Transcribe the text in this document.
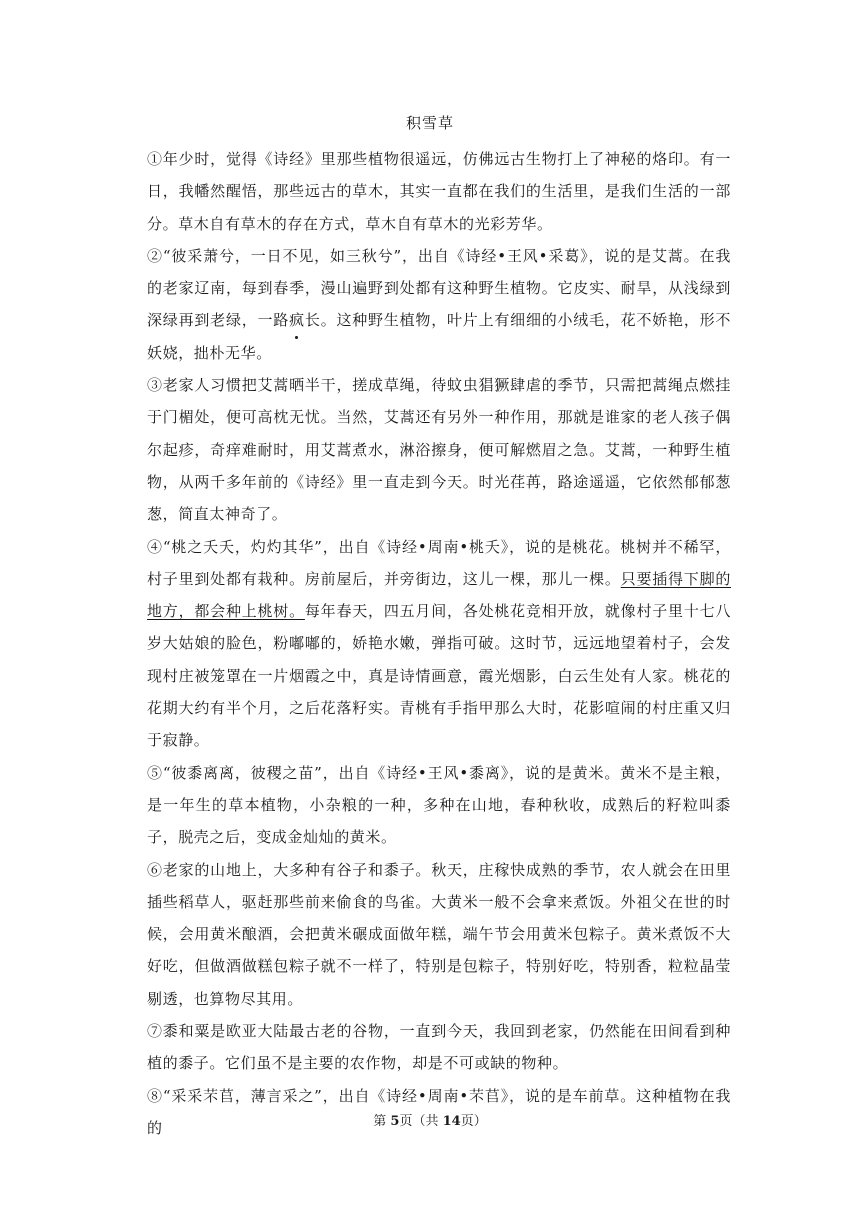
积雪草

①年少时，觉得《诗经》里那些植物很遥远，仿佛远古生物打上了神秘的烙印。有一日，我幡然醒悟，那些远古的草木，其实一直都在我们的生活里，是我们生活的一部分。草木自有草木的存在方式，草木自有草木的光彩芳华。

②“彼采萧兮，一日不见，如三秋兮”，出自《诗经•王风•采葛》，说的是艾蒿。在我的老家辽南，每到春季，漫山遍野到处都有这种野生植物。它皮实、耐旱，从浅绿到深绿再到老绿，一路疯长。这种野生植物，叶片上有细细的小绒毛，花不娇艳，形不妖娆，拙朴无华。

③老家人习惯把艾蒿晒半干，搓成草绳，待蚊虫猖獗肆虐的季节，只需把蒿绳点燃挂于门楣处，便可高枕无忧。当然，艾蒿还有另外一种作用，那就是谁家的老人孩子偶尔起疹，奇痒难耐时，用艾蒿煮水，淋浴擦身，便可解燃眉之急。艾蒿，一种野生植物，从两千多年前的《诗经》里一直走到今天。时光荏苒，路途遥遥，它依然郁郁葱葱，简直太神奇了。

④“桃之夭夭，灼灼其华”，出自《诗经•周南•桃夭》，说的是桃花。桃树并不稀罕，村子里到处都有栽种。房前屋后，并旁街边，这儿一棵，那儿一棵。只要插得下脚的地方，都会种上桃树。每年春天，四五月间，各处桃花竞相开放，就像村子里十七八岁大姑娘的脸色，粉嘟嘟的，娇艳水嫩，弹指可破。这时节，远远地望着村子，会发现村庄被笼罩在一片烟霞之中，真是诗情画意，霞光烟影，白云生处有人家。桃花的花期大约有半个月，之后花落籽实。青桃有手指甲那么大时，花影喧闹的村庄重又归于寂静。

⑤“彼黍离离，彼稷之苗”，出自《诗经•王风•黍离》，说的是黄米。黄米不是主粮，是一年生的草本植物，小杂粮的一种，多种在山地，春种秋收，成熟后的籽粒叫黍子，脱壳之后，变成金灿灿的黄米。

⑥老家的山地上，大多种有谷子和黍子。秋天，庄稼快成熟的季节，农人就会在田里插些稻草人，驱赶那些前来偷食的鸟雀。大黄米一般不会拿来煮饭。外祖父在世的时候，会用黄米酿酒，会把黄米碾成面做年糕，端午节会用黄米包粽子。黄米煮饭不大好吃，但做酒做糕包粽子就不一样了，特别是包粽子，特别好吃，特别香，粒粒晶莹剔透，也算物尽其用。

⑦黍和粟是欧亚大陆最古老的谷物，一直到今天，我回到老家，仍然能在田间看到种植的黍子。它们虽不是主要的农作物，却是不可或缺的物种。

⑧“采采芣苢，薄言采之”，出自《诗经•周南•芣苢》，说的是车前草。这种植物在我的	第 5页（共 14页）
